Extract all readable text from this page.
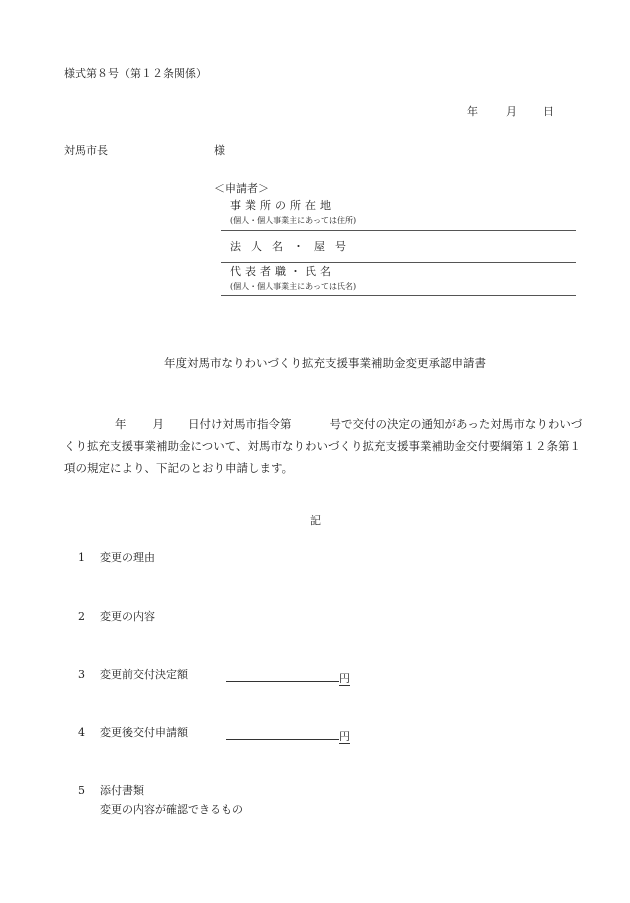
様式第８号（第１２条関係）
年	月 日
対馬市長	様
＜申請者＞
事業所の所在地
(個人・個人事業主にあっては住所)
法人名・屋号
代表者職・氏名
(個人・個人事業主にあっては氏名)
年度対馬市なりわいづくり拡充支援事業補助金変更承認申請書
年 月 日付け対馬市指令第	号で交付の決定の通知があった対馬市なりわいづくり拡充支援事業補助金について、対馬市なりわいづくり拡充支援事業補助金交付要綱第１２条第１項の規定により、下記のとおり申請します。
記
1 変更の理由
2 変更の内容
3 変更前交付決定額	円
4 変更後交付申請額	円
5 添付書類
変更の内容が確認できるもの
